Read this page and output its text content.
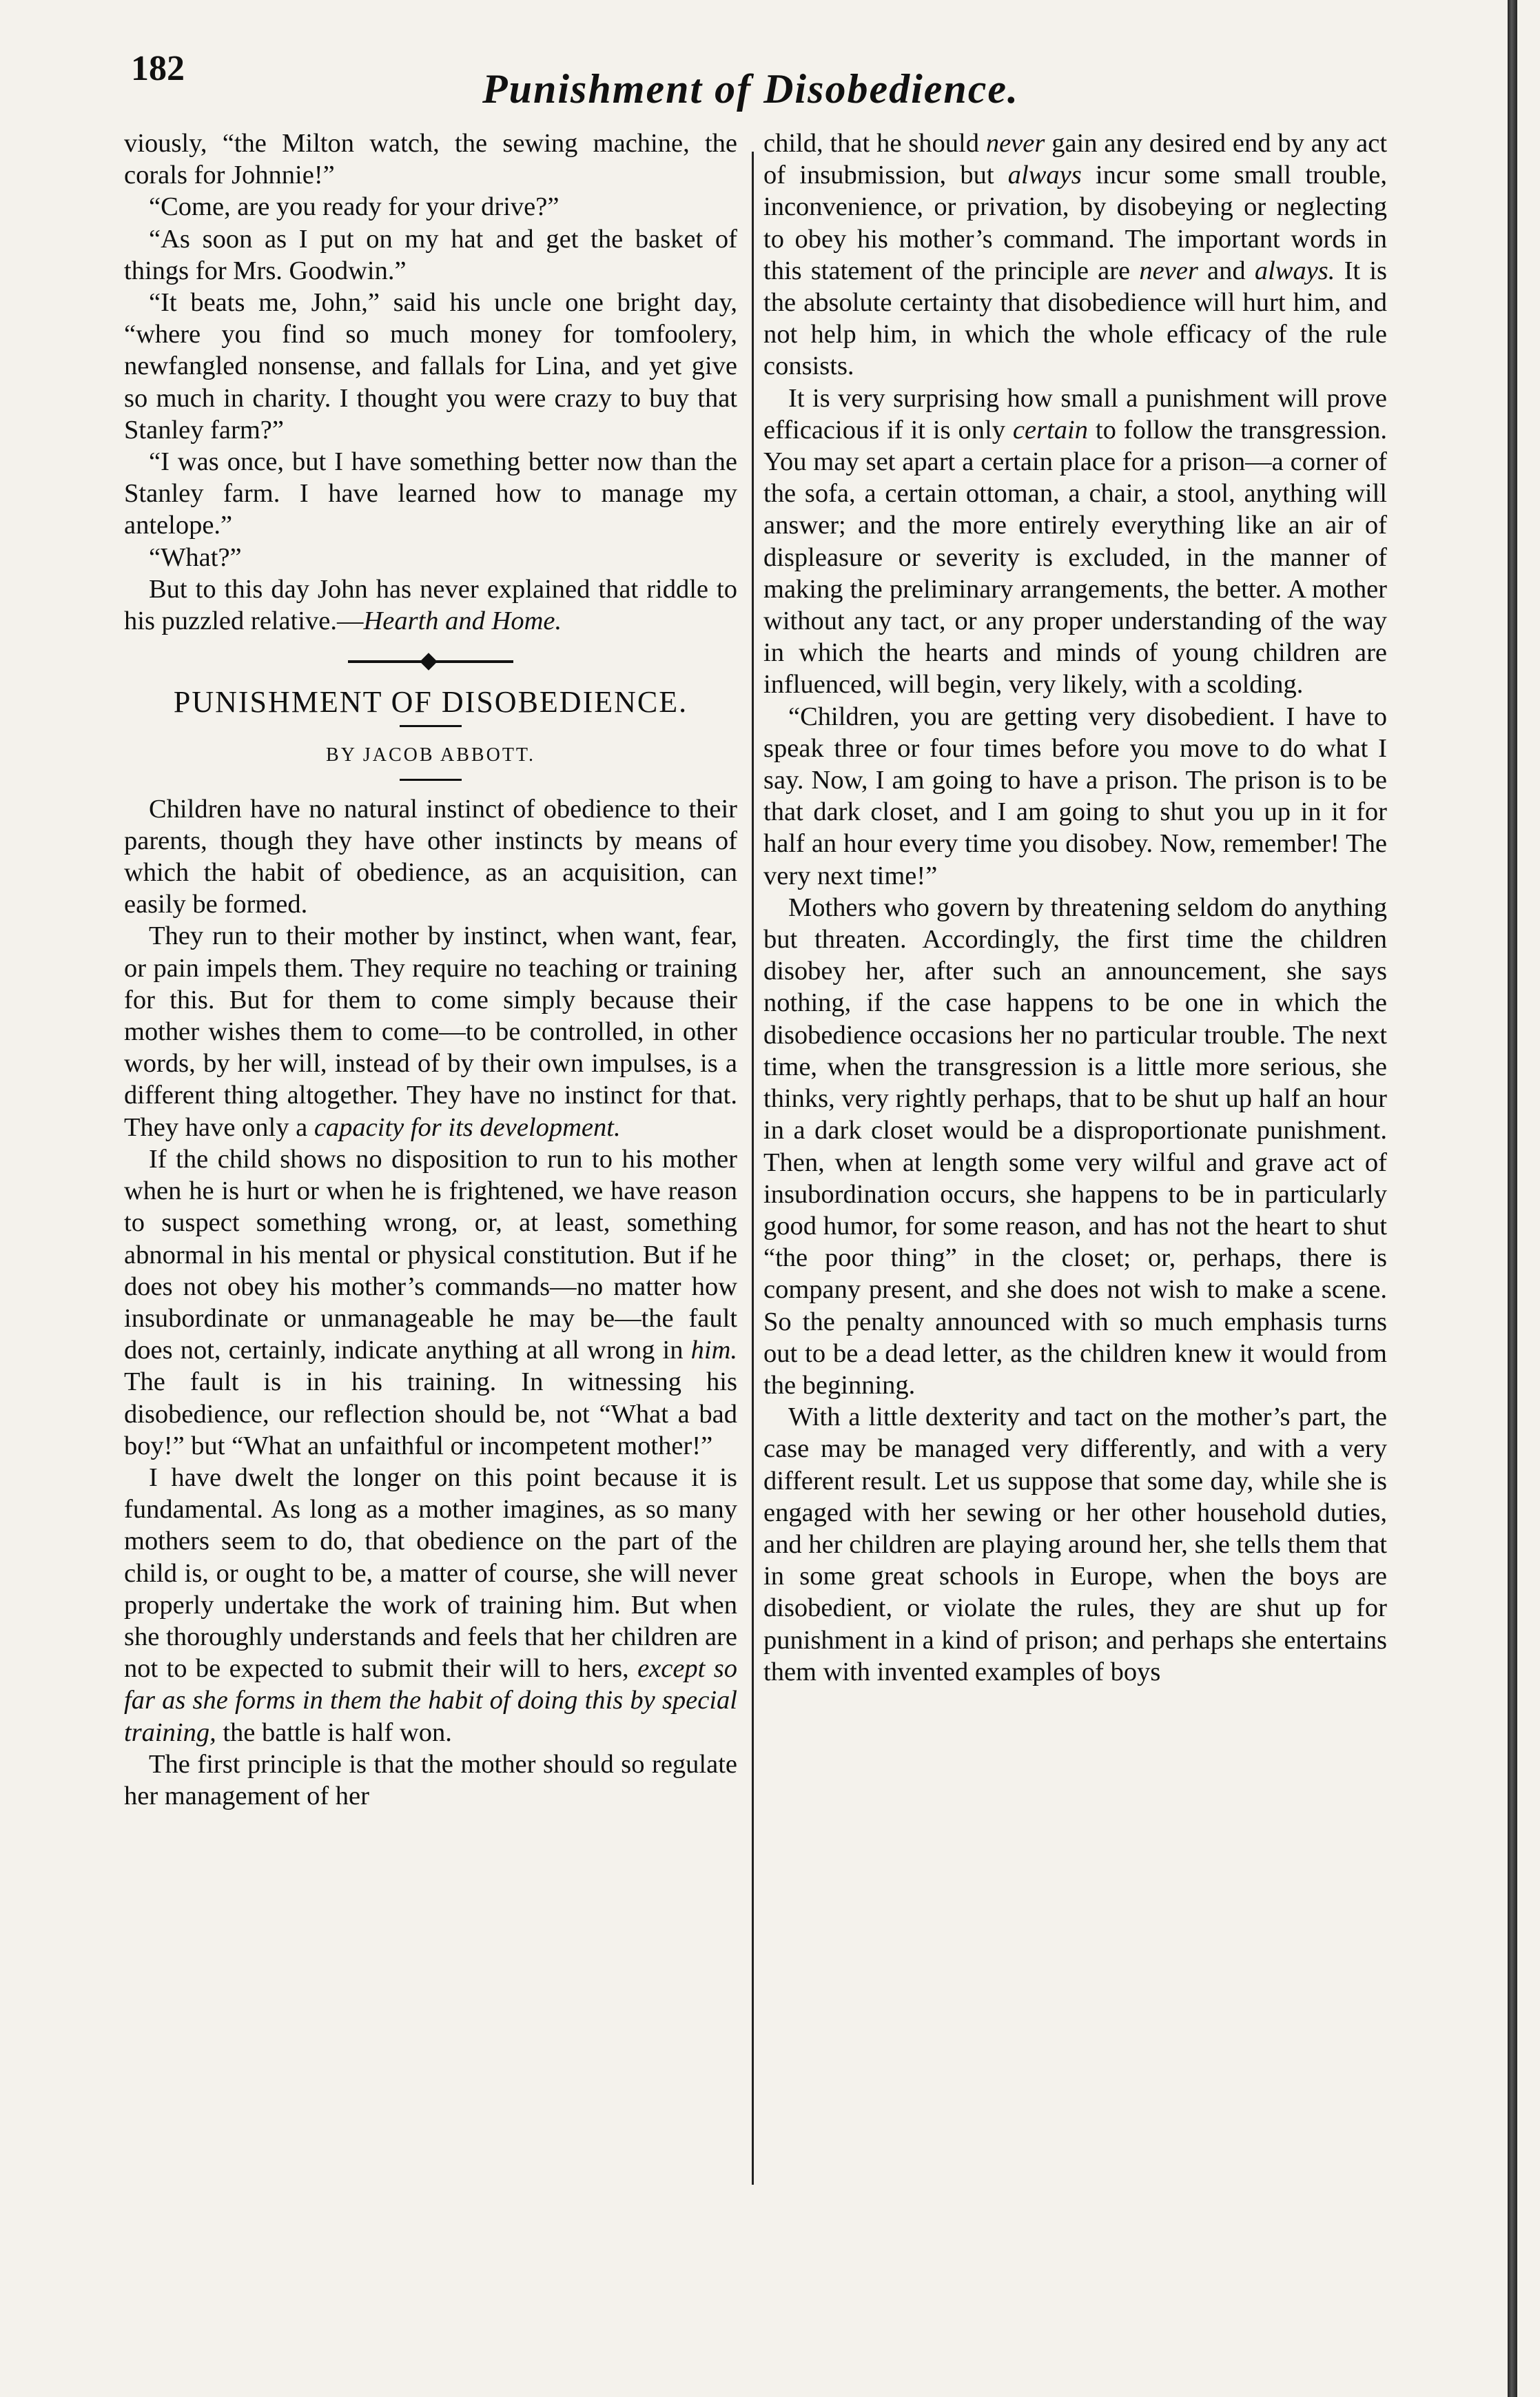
182	Punishment of Disobedience.

viously, “the Milton watch, the sewing machine, the corals for Johnnie!”

“Come, are you ready for your drive?”

“As soon as I put on my hat and get the basket of things for Mrs. Goodwin.”

“It beats me, John,” said his uncle one bright day, “where you find so much money for tomfoolery, newfangled nonsense, and fallals for Lina, and yet give so much in charity. I thought you were crazy to buy that Stanley farm?”

“I was once, but I have something better now than the Stanley farm. I have learned how to manage my antelope.”

“What?”

But to this day John has never explained that riddle to his puzzled relative.—Hearth and Home.

PUNISHMENT OF DISOBEDIENCE.
BY JACOB ABBOTT.

Children have no natural instinct of obedience to their parents, though they have other instincts by means of which the habit of obedience, as an acquisition, can easily be formed.

They run to their mother by instinct, when want, fear, or pain impels them. They require no teaching or training for this. But for them to come simply because their mother wishes them to come—to be controlled, in other words, by her will, instead of by their own impulses, is a different thing altogether. They have no instinct for that. They have only a capacity for its development.

If the child shows no disposition to run to his mother when he is hurt or when he is frightened, we have reason to suspect something wrong, or, at least, something abnormal in his mental or physical constitution. But if he does not obey his mother’s commands—no matter how insubordinate or unmanageable he may be—the fault does not, certainly, indicate anything at all wrong in him. The fault is in his training. In witnessing his disobedience, our reflection should be, not “What a bad boy!” but “What an unfaithful or incompetent mother!”

I have dwelt the longer on this point because it is fundamental. As long as a mother imagines, as so many mothers seem to do, that obedience on the part of the child is, or ought to be, a matter of course, she will never properly undertake the work of training him. But when she thoroughly understands and feels that her children are not to be expected to submit their will to hers, except so far as she forms in them the habit of doing this by special training, the battle is half won.

The first principle is that the mother should so regulate her management of her

child, that he should never gain any desired end by any act of insubmission, but always incur some small trouble, inconvenience, or privation, by disobeying or neglecting to obey his mother’s command. The important words in this statement of the principle are never and always. It is the absolute certainty that disobedience will hurt him, and not help him, in which the whole efficacy of the rule consists.

It is very surprising how small a punishment will prove efficacious if it is only certain to follow the transgression. You may set apart a certain place for a prison—a corner of the sofa, a certain ottoman, a chair, a stool, anything will answer; and the more entirely everything like an air of displeasure or severity is excluded, in the manner of making the preliminary arrangements, the better. A mother without any tact, or any proper understanding of the way in which the hearts and minds of young children are influenced, will begin, very likely, with a scolding.

“Children, you are getting very disobedient. I have to speak three or four times before you move to do what I say. Now, I am going to have a prison. The prison is to be that dark closet, and I am going to shut you up in it for half an hour every time you disobey. Now, remember! The very next time!”

Mothers who govern by threatening seldom do anything but threaten. Accordingly, the first time the children disobey her, after such an announcement, she says nothing, if the case happens to be one in which the disobedience occasions her no particular trouble. The next time, when the transgression is a little more serious, she thinks, very rightly perhaps, that to be shut up half an hour in a dark closet would be a disproportionate punishment. Then, when at length some very wilful and grave act of insubordination occurs, she happens to be in particularly good humor, for some reason, and has not the heart to shut “the poor thing” in the closet; or, perhaps, there is company present, and she does not wish to make a scene. So the penalty announced with so much emphasis turns out to be a dead letter, as the children knew it would from the beginning.

With a little dexterity and tact on the mother’s part, the case may be managed very differently, and with a very different result. Let us suppose that some day, while she is engaged with her sewing or her other household duties, and her children are playing around her, she tells them that in some great schools in Europe, when the boys are disobedient, or violate the rules, they are shut up for punishment in a kind of prison; and perhaps she entertains them with invented examples of boys
